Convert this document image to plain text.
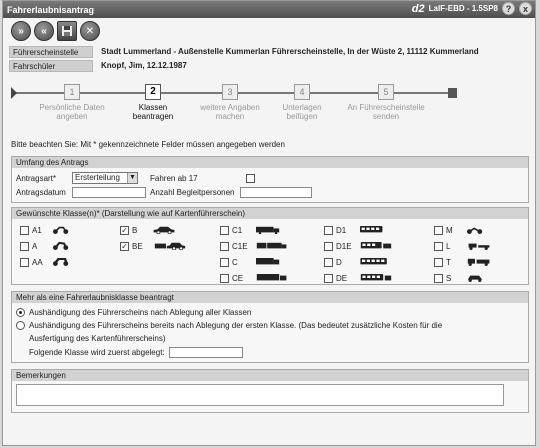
Fahrerlaubnisantrag	d2 LaIF-EBD - 1.5SP8 ?	x
»	«	✕
Führerscheinstelle	Stadt Lummerland - Außenstelle Kummerlan Führerscheinstelle, In der Wüste 2, 11112 Kummerland
Fahrschüler	Knopf, Jim, 12.12.1987
1
Persönliche Daten
angeben
2
Klassen
beantragen
3
weitere Angaben
machen
4
Unterlagen
beifügen
5
An Führerscheinstelle
senden
Bitte beachten Sie: Mit * gekennzeichnete Felder müssen angegeben werden
Umfang des Antrags
Antragsart*	Ersterteilung ▼ Fahren ab 17
Antragsdatum	Anzahl Begleitpersonen
Gewünschte Klasse(n)* (Darstellung wie auf Kartenführerschein)
A1
A
AA
✓ B
✓ BE
C1
C1E
C
CE
D1
D1E
D
DE
M
L
T
S
Mehr als eine Fahrerlaubnisklasse beantragt
Aushändigung des Führerscheins nach Ablegung aller Klassen
Aushändigung des Führerscheins bereits nach Ablegung der ersten Klasse. (Das bedeutet zusätzliche Kosten für die
Ausfertigung des Kartenführerscheins)
Folgende Klasse wird zuerst abgelegt:
Bemerkungen
